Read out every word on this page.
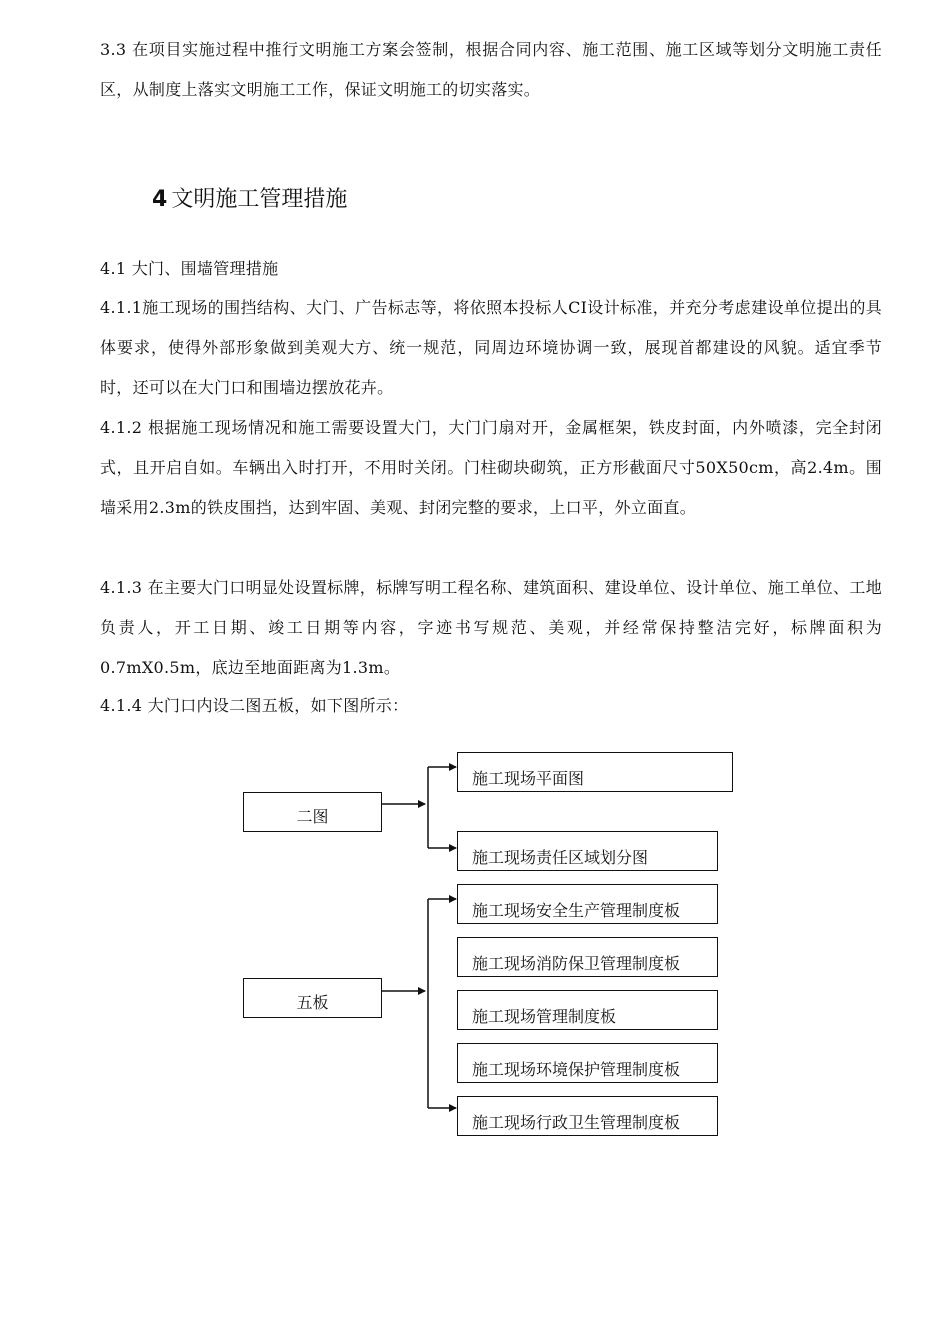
3.3 在项目实施过程中推行文明施工方案会签制，根据合同内容、施工范围、施工区域等划分文明施工责任区，从制度上落实文明施工工作，保证文明施工的切实落实。
4 文明施工管理措施
4.1 大门、围墙管理措施
4.1.1施工现场的围挡结构、大门、广告标志等，将依照本投标人CI设计标准，并充分考虑建设单位提出的具体要求，使得外部形象做到美观大方、统一规范，同周边环境协调一致，展现首都建设的风貌。适宜季节时，还可以在大门口和围墙边摆放花卉。
4.1.2 根据施工现场情况和施工需要设置大门，大门门扇对开，金属框架，铁皮封面，内外喷漆，完全封闭式，且开启自如。车辆出入时打开，不用时关闭。门柱砌块砌筑，正方形截面尺寸50X50cm，高2.4m。围墙采用2.3m的铁皮围挡，达到牢固、美观、封闭完整的要求，上口平，外立面直。
4.1.3 在主要大门口明显处设置标牌，标牌写明工程名称、建筑面积、建设单位、设计单位、施工单位、工地负责人，开工日期、竣工日期等内容，字迹书写规范、美观，并经常保持整洁完好，标牌面积为0.7mX0.5m，底边至地面距离为1.3m。
4.1.4 大门口内设二图五板，如下图所示：
二图
五板
施工现场平面图
施工现场责任区域划分图
施工现场安全生产管理制度板
施工现场消防保卫管理制度板
施工现场管理制度板
施工现场环境保护管理制度板
施工现场行政卫生管理制度板
